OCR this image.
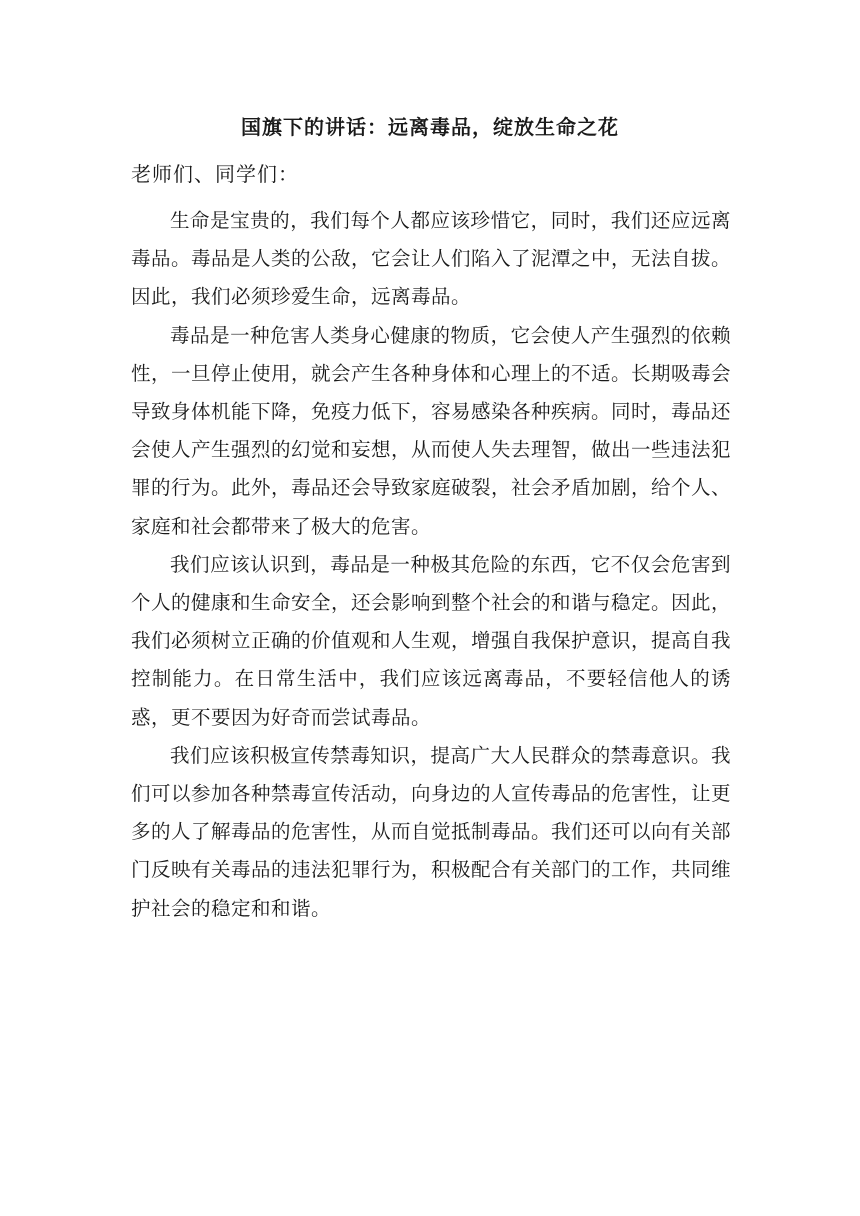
国旗下的讲话：远离毒品，绽放生命之花
老师们、同学们：

生命是宝贵的，我们每个人都应该珍惜它，同时，我们还应远离毒品。毒品是人类的公敌，它会让人们陷入了泥潭之中，无法自拔。因此，我们必须珍爱生命，远离毒品。

毒品是一种危害人类身心健康的物质，它会使人产生强烈的依赖性，一旦停止使用，就会产生各种身体和心理上的不适。长期吸毒会导致身体机能下降，免疫力低下，容易感染各种疾病。同时，毒品还会使人产生强烈的幻觉和妄想，从而使人失去理智，做出一些违法犯罪的行为。此外，毒品还会导致家庭破裂，社会矛盾加剧，给个人、家庭和社会都带来了极大的危害。

我们应该认识到，毒品是一种极其危险的东西，它不仅会危害到个人的健康和生命安全，还会影响到整个社会的和谐与稳定。因此，我们必须树立正确的价值观和人生观，增强自我保护意识，提高自我控制能力。在日常生活中，我们应该远离毒品，不要轻信他人的诱惑，更不要因为好奇而尝试毒品。

我们应该积极宣传禁毒知识，提高广大人民群众的禁毒意识。我们可以参加各种禁毒宣传活动，向身边的人宣传毒品的危害性，让更多的人了解毒品的危害性，从而自觉抵制毒品。我们还可以向有关部门反映有关毒品的违法犯罪行为，积极配合有关部门的工作，共同维护社会的稳定和和谐。
